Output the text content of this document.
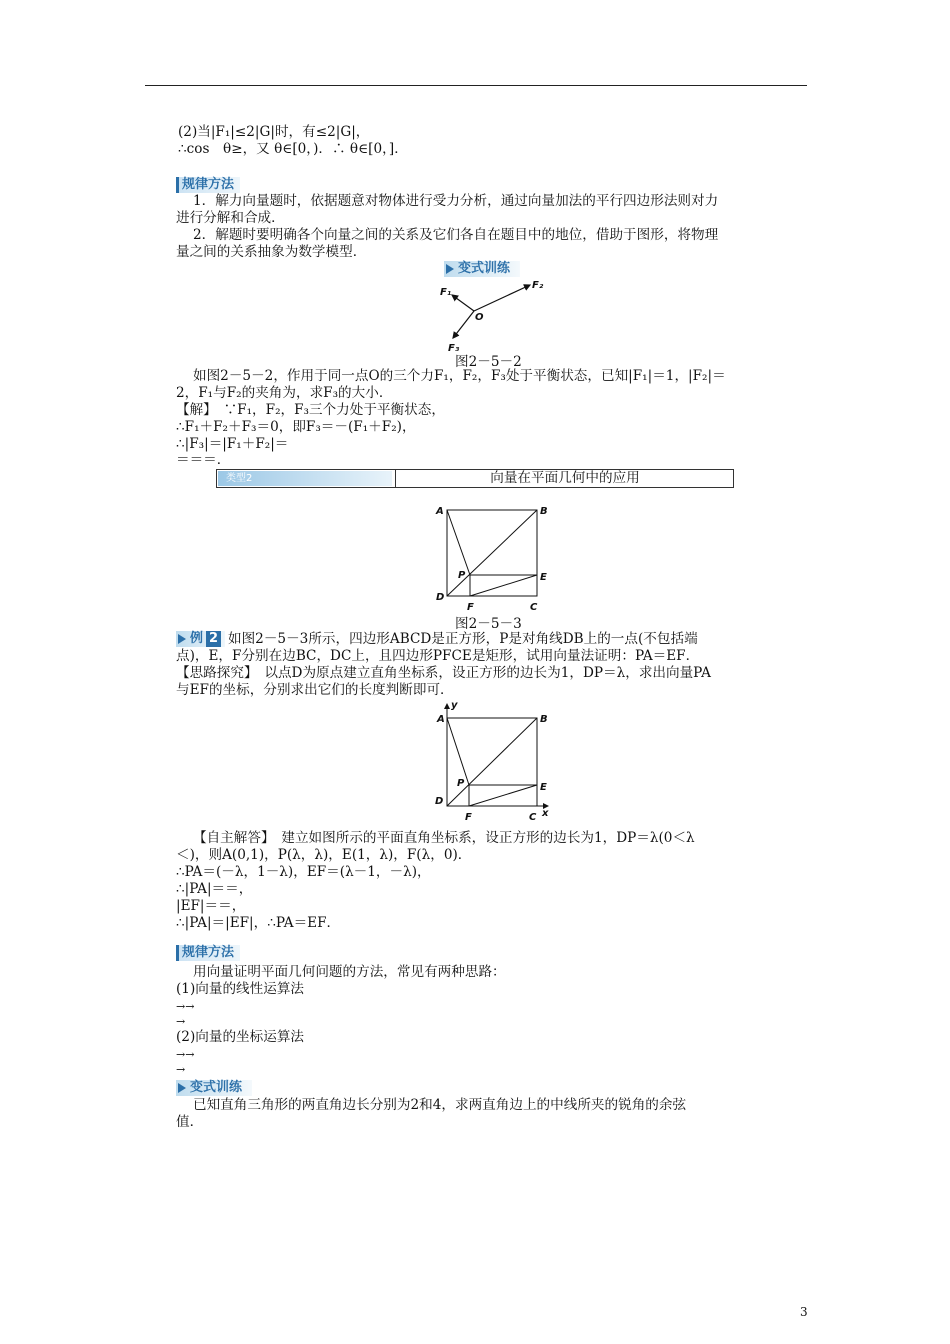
(2)当|F₁|≤2|G|时，有≤2|G|，
∴cos　θ≥，又 θ∈[0，)．∴ θ∈[0，]．
规律方法
1．解力向量题时，依据题意对物体进行受力分析，通过向量加法的平行四边形法则对力
进行分解和合成．
2．解题时要明确各个向量之间的关系及它们各自在题目中的地位，借助于图形，将物理
量之间的关系抽象为数学模型．
变式训练
F₁
F₂
F₃
O
图2－5－2
如图2－5－2，作用于同一点O的三个力F₁，F₂，F₃处于平衡状态，已知|F₁|＝1，|F₂|＝
2，F₁与F₂的夹角为，求F₃的大小．
【解】　∵F₁，F₂，F₃三个力处于平衡状态，
∴F₁＋F₂＋F₃＝0，即F₃＝－(F₁＋F₂)，
∴|F₃|＝|F₁＋F₂|＝
＝＝＝．
类型2	向量在平面几何中的应用
A	B
D
C
E
F
P
图2－5－3
例 2 如图2－5－3所示，四边形ABCD是正方形，P是对角线DB上的一点(不包括端
点)，E，F分别在边BC，DC上，且四边形PFCE是矩形，试用向量法证明：PA＝EF．
【思路探究】　以点D为原点建立直角坐标系，设正方形的边长为1，DP＝λ，求出向量PA
与EF的坐标，分别求出它们的长度判断即可．
y
x
A	B
D
C
E
F
P
【自主解答】　建立如图所示的平面直角坐标系，设正方形的边长为1，DP＝λ(0＜λ
＜)，则A(0,1)，P(λ，λ)，E(1，λ)，F(λ，0)．
∴PA＝(－λ，1－λ)，EF＝(λ－1，－λ)，
∴|PA|＝＝，
|EF|＝＝，
∴|PA|＝|EF|，∴PA＝EF．
规律方法
用向量证明平面几何问题的方法，常见有两种思路：
(1)向量的线性运算法
→→
→
(2)向量的坐标运算法
→→
→
变式训练
已知直角三角形的两直角边长分别为2和4，求两直角边上的中线所夹的锐角的余弦
值．
3
